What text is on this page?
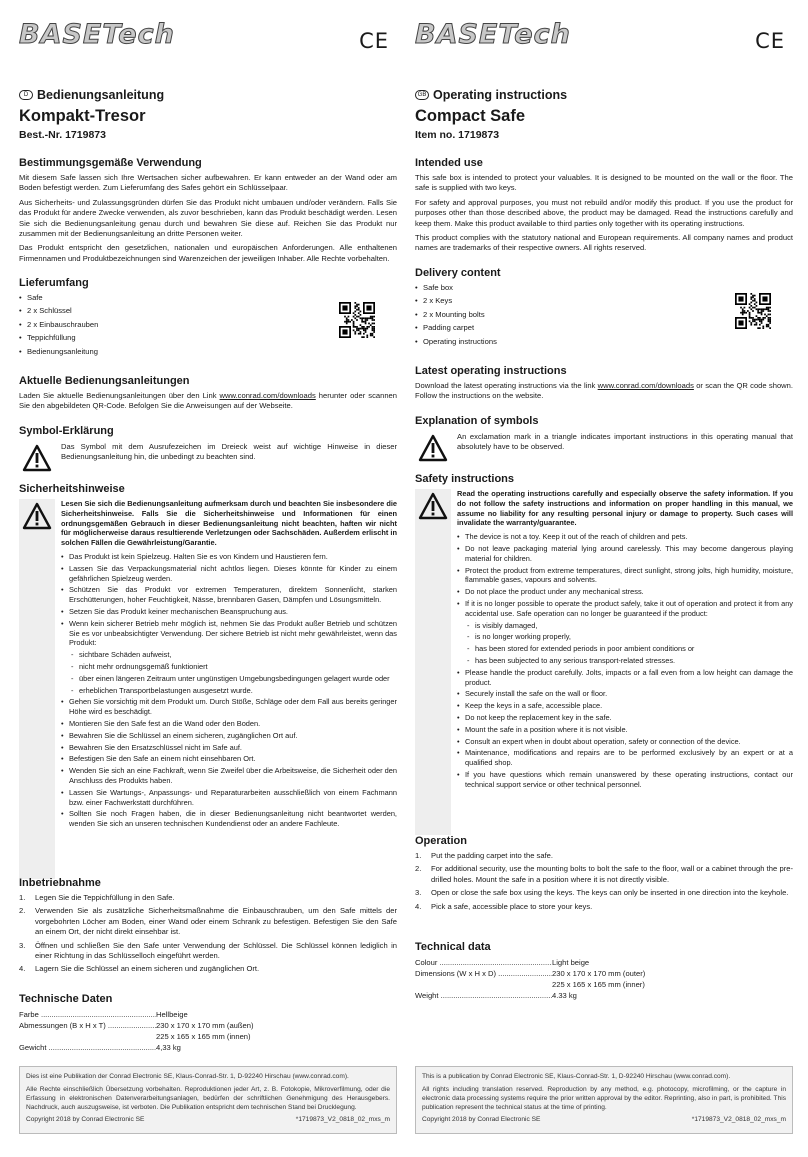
BASETech	CE
D Bedienungsanleitung
Kompakt-Tresor
Best.-Nr. 1719873
Bestimmungsgemäße Verwendung

Mit diesem Safe lassen sich Ihre Wertsachen sicher aufbewahren. Er kann entweder an der Wand oder am Boden befestigt werden. Zum Lieferumfang des Safes gehört ein Schlüsselpaar.

Aus Sicherheits- und Zulassungsgründen dürfen Sie das Produkt nicht umbauen und/oder verändern. Falls Sie das Produkt für andere Zwecke verwenden, als zuvor beschrieben, kann das Produkt beschädigt werden. Lesen Sie sich die Bedienungsanleitung genau durch und bewahren Sie diese auf. Reichen Sie das Produkt nur zusammen mit der Bedienungsanleitung an dritte Personen weiter.

Das Produkt entspricht den gesetzlichen, nationalen und europäischen Anforderungen. Alle enthaltenen Firmennamen und Produktbezeichnungen sind Warenzeichen der jeweiligen Inhaber. Alle Rechte vorbehalten.

Lieferumfang
• Safe
• 2 x Schlüssel
• 2 x Einbauschrauben
• Teppichfüllung
• Bedienungsanleitung
Aktuelle Bedienungsanleitungen

Laden Sie aktuelle Bedienungsanleitungen über den Link www.conrad.com/downloads herunter oder scannen Sie den abgebildeten QR-Code. Befolgen Sie die Anweisungen auf der Webseite.

Symbol-Erklärung

Das Symbol mit dem Ausrufezeichen im Dreieck weist auf wichtige Hinweise in dieser Bedienungsanleitung hin, die unbedingt zu beachten sind.

Sicherheitshinweise

Lesen Sie sich die Bedienungsanleitung aufmerksam durch und beachten Sie insbesondere die Sicherheitshinweise. Falls Sie die Sicherheitshinweise und Informationen für einen ordnungsgemäßen Gebrauch in dieser Bedienungsanleitung nicht beachten, haften wir nicht für möglicherweise daraus resultierende Verletzungen oder Sachschäden. Außerdem erlischt in solchen Fällen die Gewährleistung/Garantie.

• Das Produkt ist kein Spielzeug. Halten Sie es von Kindern und Haustieren fern.
• Lassen Sie das Verpackungsmaterial nicht achtlos liegen. Dieses könnte für Kinder zu einem gefährlichen Spielzeug werden.
• Schützen Sie das Produkt vor extremen Temperaturen, direktem Sonnenlicht, starken Erschütterungen, hoher Feuchtigkeit, Nässe, brennbaren Gasen, Dämpfen und Lösungsmitteln.
• Setzen Sie das Produkt keiner mechanischen Beanspruchung aus.
• Wenn kein sicherer Betrieb mehr möglich ist, nehmen Sie das Produkt außer Betrieb und schützen Sie es vor unbeabsichtigter Verwendung. Der sichere Betrieb ist nicht mehr gewährleistet, wenn das Produkt:
- sichtbare Schäden aufweist,
- nicht mehr ordnungsgemäß funktioniert
- über einen längeren Zeitraum unter ungünstigen Umgebungsbedingungen gelagert wurde oder
- erheblichen Transportbelastungen ausgesetzt wurde.
• Gehen Sie vorsichtig mit dem Produkt um. Durch Stöße, Schläge oder dem Fall aus bereits geringer Höhe wird es beschädigt.
• Montieren Sie den Safe fest an die Wand oder den Boden.
• Bewahren Sie die Schlüssel an einem sicheren, zugänglichen Ort auf.
• Bewahren Sie den Ersatzschlüssel nicht im Safe auf.
• Befestigen Sie den Safe an einem nicht einsehbaren Ort.
• Wenden Sie sich an eine Fachkraft, wenn Sie Zweifel über die Arbeitsweise, die Sicherheit oder den Anschluss des Produkts haben.
• Lassen Sie Wartungs-, Anpassungs- und Reparaturarbeiten ausschließlich von einem Fachmann bzw. einer Fachwerkstatt durchführen.
• Sollten Sie noch Fragen haben, die in dieser Bedienungsanleitung nicht beantwortet werden, wenden Sie sich an unseren technischen Kundendienst oder an andere Fachleute.
Inbetriebnahme
1. Legen Sie die Teppichfüllung in den Safe.
2. Verwenden Sie als zusätzliche Sicherheitsmaßnahme die Einbauschrauben, um den Safe mittels der vorgebohrten Löcher am Boden, einer Wand oder einem Schrank zu befestigen. Befestigen Sie den Safe an einem Ort, der nicht direkt einsehbar ist.
3. Öffnen und schließen Sie den Safe unter Verwendung der Schlüssel. Die Schlüssel können lediglich in einer Richtung in das Schlüsselloch eingeführt werden.
4. Lagern Sie die Schlüssel an einem sicheren und zugänglichen Ort.
Technische Daten
Farbe .....	Hellbeige
Abmessungen (B x H x T) .....	230 x 170 x 170 mm (außen)
225 x 165 x 165 mm (innen)
Gewicht .....	4,33 kg

Dies ist eine Publikation der Conrad Electronic SE, Klaus-Conrad-Str. 1, D-92240 Hirschau (www.conrad.com).

Alle Rechte einschließlich Übersetzung vorbehalten. Reproduktionen jeder Art, z. B. Fotokopie, Mikroverfilmung, oder die Erfassung in elektronischen Datenverarbeitungsanlagen, bedürfen der schriftlichen Genehmigung des Herausgebers. Nachdruck, auch auszugsweise, ist verboten. Die Publikation entspricht dem technischen Stand bei Drucklegung.

Copyright 2018 by Conrad Electronic SE	*1719873_V2_0818_02_mxs_m
BASETech	CE
GB Operating instructions
Compact Safe
Item no. 1719873
Intended use

This safe box is intended to protect your valuables. It is designed to be mounted on the wall or the floor. The safe is supplied with two keys.

For safety and approval purposes, you must not rebuild and/or modify this product. If you use the product for purposes other than those described above, the product may be damaged. Read the instructions carefully and keep them. Make this product available to third parties only together with its operating instructions.

This product complies with the statutory national and European requirements. All company names and product names are trademarks of their respective owners. All rights reserved.

Delivery content
• Safe box
• 2 x Keys
• 2 x Mounting bolts
• Padding carpet
• Operating instructions
Latest operating instructions

Download the latest operating instructions via the link www.conrad.com/downloads or scan the QR code shown. Follow the instructions on the website.

Explanation of symbols

An exclamation mark in a triangle indicates important instructions in this operating manual that absolutely have to be observed.

Safety instructions

Read the operating instructions carefully and especially observe the safety information. If you do not follow the safety instructions and information on proper handling in this manual, we assume no liability for any resulting personal injury or damage to property. Such cases will invalidate the warranty/guarantee.

• The device is not a toy. Keep it out of the reach of children and pets.
• Do not leave packaging material lying around carelessly. This may become dangerous playing material for children.
• Protect the product from extreme temperatures, direct sunlight, strong jolts, high humidity, moisture, flammable gases, vapours and solvents.
• Do not place the product under any mechanical stress.
• If it is no longer possible to operate the product safely, take it out of operation and protect it from any accidental use. Safe operation can no longer be guaranteed if the product:
- is visibly damaged,
- is no longer working properly,
- has been stored for extended periods in poor ambient conditions or
- has been subjected to any serious transport-related stresses.
• Please handle the product carefully. Jolts, impacts or a fall even from a low height can damage the product.
• Securely install the safe on the wall or floor.
• Keep the keys in a safe, accessible place.
• Do not keep the replacement key in the safe.
• Mount the safe in a position where it is not visible.
• Consult an expert when in doubt about operation, safety or connection of the device.
• Maintenance, modifications and repairs are to be performed exclusively by an expert or at a qualified shop.
• If you have questions which remain unanswered by these operating instructions, contact our technical support service or other technical personnel.
Operation
1. Put the padding carpet into the safe.
2. For additional security, use the mounting bolts to bolt the safe to the floor, wall or a cabinet through the pre-drilled holes. Mount the safe in a position where it is not directly visible.
3. Open or close the safe box using the keys. The keys can only be inserted in one direction into the keyhole.
4. Pick a safe, accessible place to store your keys.
Technical data
Colour .....	Light beige
Dimensions (W x H x D) .....	230 x 170 x 170 mm (outer)
225 x 165 x 165 mm (inner)
Weight .....	4.33 kg

This is a publication by Conrad Electronic SE, Klaus-Conrad-Str. 1, D-92240 Hirschau (www.conrad.com).

All rights including translation reserved. Reproduction by any method, e.g. photocopy, microfilming, or the capture in electronic data processing systems require the prior written approval by the editor. Reprinting, also in part, is prohibited. This publication represent the technical status at the time of printing.

Copyright 2018 by Conrad Electronic SE	*1719873_V2_0818_02_mxs_m
